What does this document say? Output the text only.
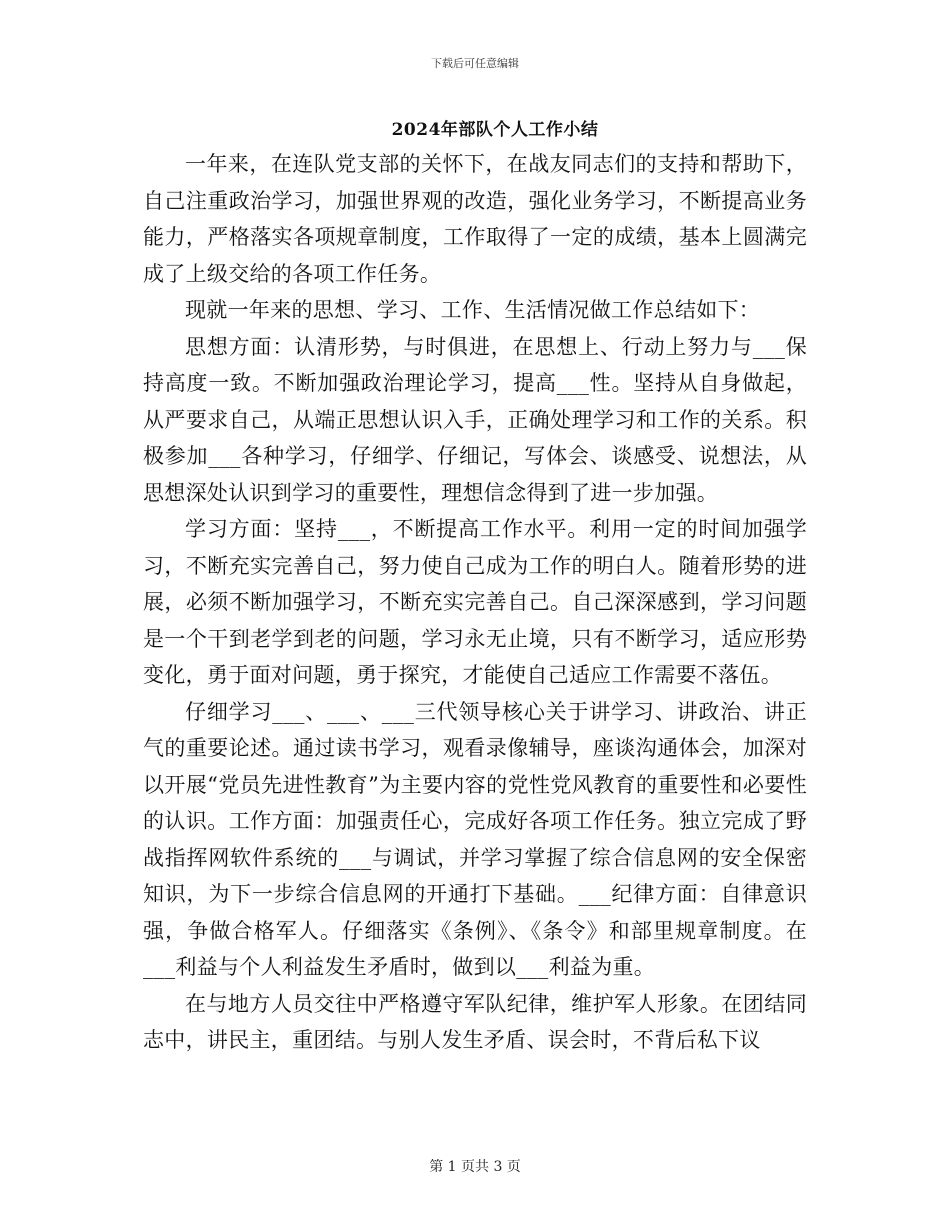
下载后可任意编辑
2024年部队个人工作小结

一年来，在连队党支部的关怀下，在战友同志们的支持和帮助下，自己注重政治学习，加强世界观的改造，强化业务学习，不断提高业务能力，严格落实各项规章制度，工作取得了一定的成绩，基本上圆满完成了上级交给的各项工作任务。

现就一年来的思想、学习、工作、生活情况做工作总结如下：

思想方面：认清形势，与时俱进，在思想上、行动上努力与___保持高度一致。不断加强政治理论学习，提高___性。坚持从自身做起，从严要求自己，从端正思想认识入手，正确处理学习和工作的关系。积极参加___各种学习，仔细学、仔细记，写体会、谈感受、说想法，从思想深处认识到学习的重要性，理想信念得到了进一步加强。

学习方面：坚持___，不断提高工作水平。利用一定的时间加强学习，不断充实完善自己，努力使自己成为工作的明白人。随着形势的进展，必须不断加强学习，不断充实完善自己。自己深深感到，学习问题是一个干到老学到老的问题，学习永无止境，只有不断学习，适应形势变化，勇于面对问题，勇于探究，才能使自己适应工作需要不落伍。

仔细学习___、___、___三代领导核心关于讲学习、讲政治、讲正气的重要论述。通过读书学习，观看录像辅导，座谈沟通体会，加深对以开展“党员先进性教育”为主要内容的党性党风教育的重要性和必要性的认识。工作方面：加强责任心，完成好各项工作任务。独立完成了野战指挥网软件系统的___与调试，并学习掌握了综合信息网的安全保密知识，为下一步综合信息网的开通打下基础。___纪律方面：自律意识强，争做合格军人。仔细落实《条例》、《条令》和部里规章制度。在___利益与个人利益发生矛盾时，做到以___利益为重。

在与地方人员交往中严格遵守军队纪律，维护军人形象。在团结同志中，讲民主，重团结。与别人发生矛盾、误会时，不背后私下议

第 1 页共 3 页
